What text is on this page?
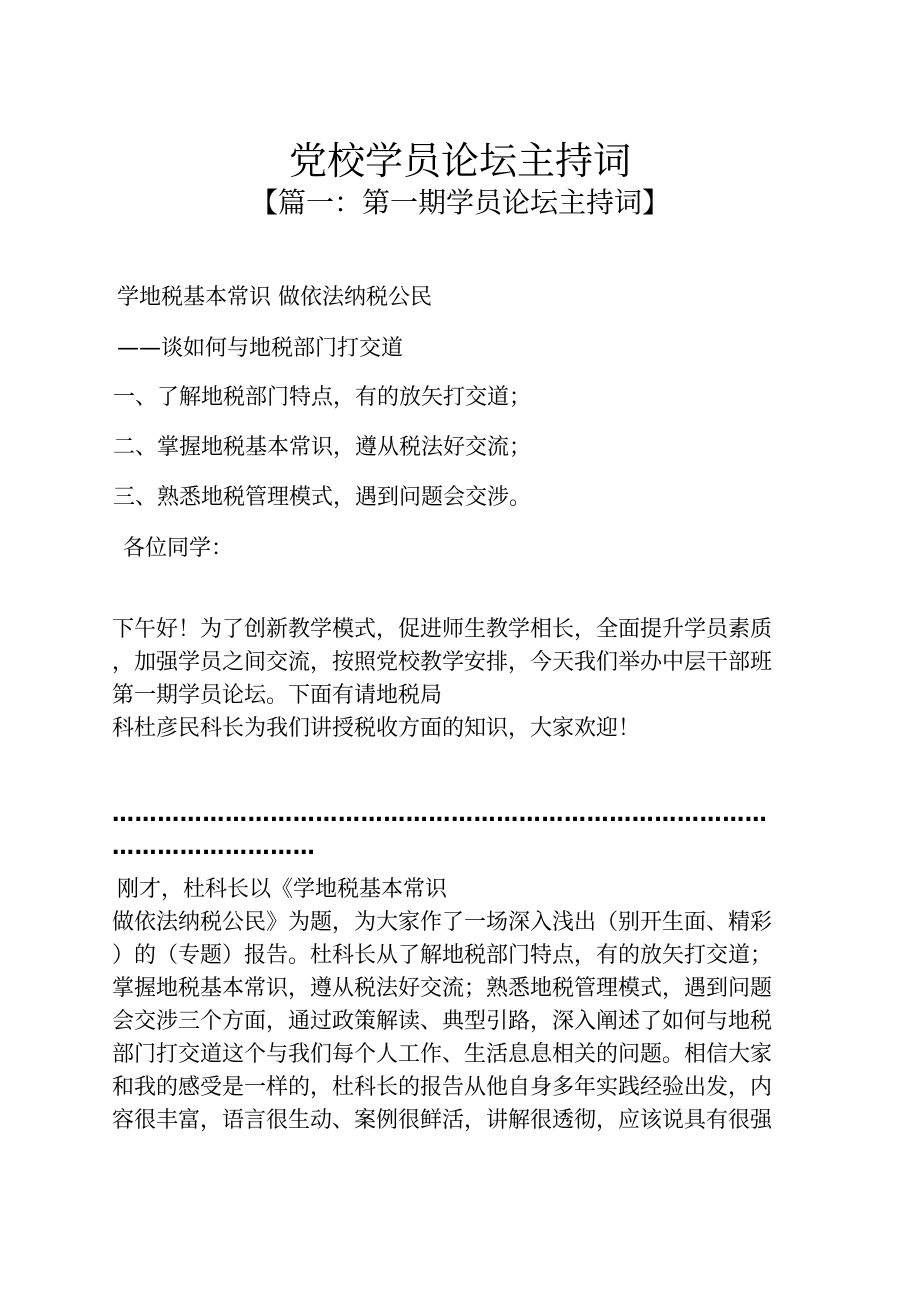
党校学员论坛主持词
【篇一：第一期学员论坛主持词】
学地税基本常识 做依法纳税公民
——谈如何与地税部门打交道
一、了解地税部门特点，有的放矢打交道；
二、掌握地税基本常识，遵从税法好交流；
三、熟悉地税管理模式，遇到问题会交涉。
各位同学：
下午好！为了创新教学模式，促进师生教学相长，全面提升学员素质
，加强学员之间交流，按照党校教学安排，今天我们举办中层干部班
第一期学员论坛。下面有请地税局
科杜彦民科长为我们讲授税收方面的知识，大家欢迎！
……………………………………………………………………………
………………………
刚才，杜科长以《学地税基本常识
做依法纳税公民》为题，为大家作了一场深入浅出（别开生面、精彩
）的（专题）报告。杜科长从了解地税部门特点，有的放矢打交道；
掌握地税基本常识，遵从税法好交流；熟悉地税管理模式，遇到问题
会交涉三个方面，通过政策解读、典型引路，深入阐述了如何与地税
部门打交道这个与我们每个人工作、生活息息相关的问题。相信大家
和我的感受是一样的，杜科长的报告从他自身多年实践经验出发，内
容很丰富，语言很生动、案例很鲜活，讲解很透彻，应该说具有很强
